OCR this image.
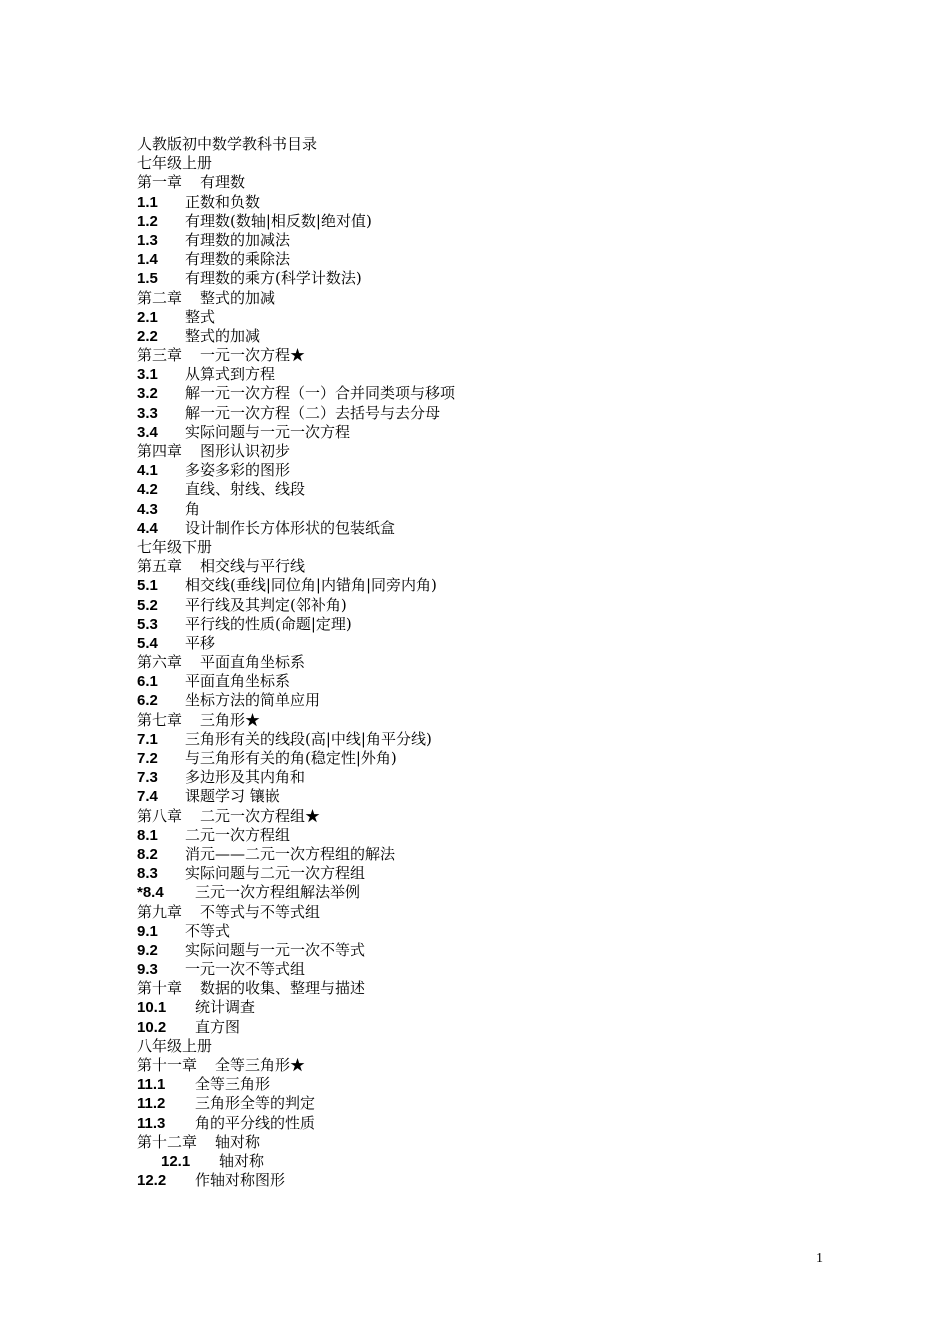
人教版初中数学教科书目录
七年级上册
第一章 有理数
1.1 正数和负数
1.2 有理数(数轴|相反数|绝对值)
1.3 有理数的加减法
1.4 有理数的乘除法
1.5 有理数的乘方(科学计数法)
第二章 整式的加减
2.1 整式
2.2 整式的加减
第三章 一元一次方程★
3.1 从算式到方程
3.2 解一元一次方程（一）合并同类项与移项
3.3 解一元一次方程（二）去括号与去分母
3.4 实际问题与一元一次方程
第四章 图形认识初步
4.1 多姿多彩的图形
4.2 直线、射线、线段
4.3 角
4.4 设计制作长方体形状的包装纸盒
七年级下册
第五章 相交线与平行线
5.1 相交线(垂线|同位角|内错角|同旁内角)
5.2 平行线及其判定(邻补角)
5.3 平行线的性质(命题|定理)
5.4 平移
第六章 平面直角坐标系
6.1 平面直角坐标系
6.2 坐标方法的简单应用
第七章 三角形★
7.1 三角形有关的线段(高|中线|角平分线)
7.2 与三角形有关的角(稳定性|外角)
7.3 多边形及其内角和
7.4 课题学习 镶嵌
第八章 二元一次方程组★
8.1 二元一次方程组
8.2 消元——二元一次方程组的解法
8.3 实际问题与二元一次方程组
*8.4 三元一次方程组解法举例
第九章 不等式与不等式组
9.1 不等式
9.2 实际问题与一元一次不等式
9.3 一元一次不等式组
第十章 数据的收集、整理与描述
10.1 统计调查
10.2 直方图
八年级上册
第十一章 全等三角形★
11.1 全等三角形
11.2 三角形全等的判定
11.3 角的平分线的性质
第十二章 轴对称
12.1 轴对称
12.2 作轴对称图形
1
